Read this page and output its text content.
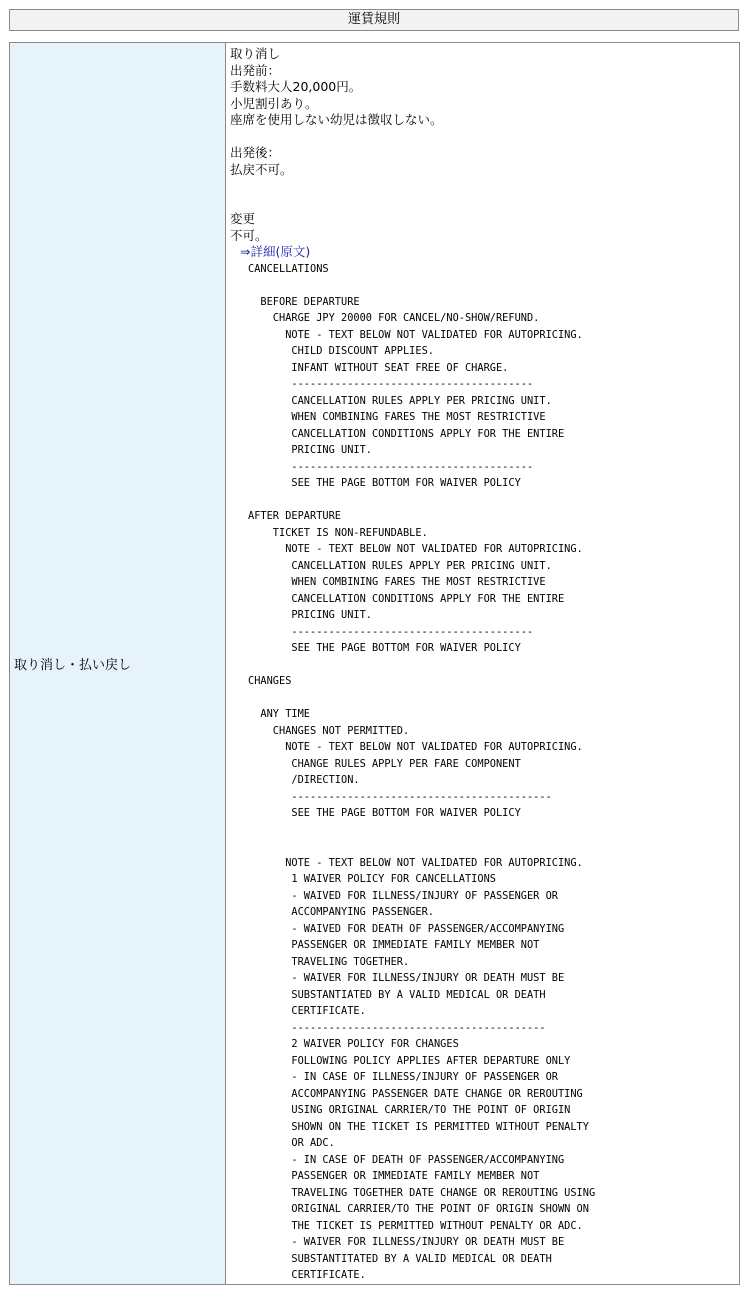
運賃規則
取り消し・払い戻し	
取り消し
出発前：
手数料大人20,000円。
小児割引あり。
座席を使用しない幼児は徴収しない。
出発後：
払戻不可。
変更
不可。
⇒詳細(原文)
CANCELLATIONS
BEFORE DEPARTURE
CHARGE JPY 20000 FOR CANCEL/NO-SHOW/REFUND.
NOTE - TEXT BELOW NOT VALIDATED FOR AUTOPRICING.
CHILD DISCOUNT APPLIES.
INFANT WITHOUT SEAT FREE OF CHARGE.
---------------------------------------
CANCELLATION RULES APPLY PER PRICING UNIT.
WHEN COMBINING FARES THE MOST RESTRICTIVE
CANCELLATION CONDITIONS APPLY FOR THE ENTIRE
PRICING UNIT.
---------------------------------------
SEE THE PAGE BOTTOM FOR WAIVER POLICY
AFTER DEPARTURE
TICKET IS NON-REFUNDABLE.
NOTE - TEXT BELOW NOT VALIDATED FOR AUTOPRICING.
CANCELLATION RULES APPLY PER PRICING UNIT.
WHEN COMBINING FARES THE MOST RESTRICTIVE
CANCELLATION CONDITIONS APPLY FOR THE ENTIRE
PRICING UNIT.
---------------------------------------
SEE THE PAGE BOTTOM FOR WAIVER POLICY
CHANGES
ANY TIME
CHANGES NOT PERMITTED.
NOTE - TEXT BELOW NOT VALIDATED FOR AUTOPRICING.
CHANGE RULES APPLY PER FARE COMPONENT
/DIRECTION.
------------------------------------------
SEE THE PAGE BOTTOM FOR WAIVER POLICY
NOTE - TEXT BELOW NOT VALIDATED FOR AUTOPRICING.
1 WAIVER POLICY FOR CANCELLATIONS
- WAIVED FOR ILLNESS/INJURY OF PASSENGER OR
ACCOMPANYING PASSENGER.
- WAIVED FOR DEATH OF PASSENGER/ACCOMPANYING
PASSENGER OR IMMEDIATE FAMILY MEMBER NOT
TRAVELING TOGETHER.
- WAIVER FOR ILLNESS/INJURY OR DEATH MUST BE
SUBSTANTIATED BY A VALID MEDICAL OR DEATH
CERTIFICATE.
-----------------------------------------
2 WAIVER POLICY FOR CHANGES
FOLLOWING POLICY APPLIES AFTER DEPARTURE ONLY
- IN CASE OF ILLNESS/INJURY OF PASSENGER OR
ACCOMPANYING PASSENGER DATE CHANGE OR REROUTING
USING ORIGINAL CARRIER/TO THE POINT OF ORIGIN
SHOWN ON THE TICKET IS PERMITTED WITHOUT PENALTY
OR ADC.
- IN CASE OF DEATH OF PASSENGER/ACCOMPANYING
PASSENGER OR IMMEDIATE FAMILY MEMBER NOT
TRAVELING TOGETHER DATE CHANGE OR REROUTING USING
ORIGINAL CARRIER/TO THE POINT OF ORIGIN SHOWN ON
THE TICKET IS PERMITTED WITHOUT PENALTY OR ADC.
- WAIVER FOR ILLNESS/INJURY OR DEATH MUST BE
SUBSTANTITATED BY A VALID MEDICAL OR DEATH
CERTIFICATE.
